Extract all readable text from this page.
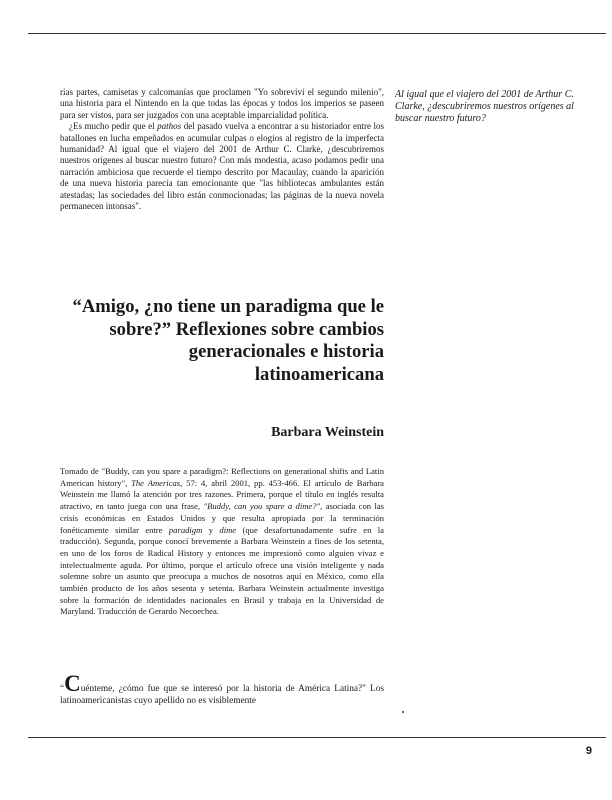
rias partes, camisetas y calcomanías que proclamen "Yo sobreviví el segundo milenio", una historia para el Nintendo en la que todas las épocas y todos los imperios se paseen para ser vistos, para ser juzgados con una aceptable imparcialidad política.

¿Es mucho pedir que el pathos del pasado vuelva a encontrar a su historiador entre los batallones en lucha empeñados en acumular culpas o elogios al registro de la imperfecta humanidad? Al igual que el viajero del 2001 de Arthur C. Clarke, ¿descubriremos nuestros orígenes al buscar nuestro futuro? Con más modestia, acaso podamos pedir una narración ambiciosa que recuerde el tiempo descrito por Macaulay, cuando la aparición de una nueva historia parecía tan emocionante que "las bibliotecas ambulantes están atestadas; las sociedades del libro están conmocionadas; las páginas de la nueva novela permanecen intonsas".

Al igual que el viajero del 2001 de Arthur C. Clarke, ¿descubriremos nuestros orígenes al buscar nuestro futuro?
“Amigo, ¿no tiene un paradigma que le sobre?” Reflexiones sobre cambios generacionales e historia latinoamericana
Barbara Weinstein

Tomado de "Buddy, can you spare a paradigm?: Reflections on generational shifts and Latin American history", The Americas, 57: 4, abril 2001, pp. 453-466. El artículo de Barbara Weinstein me llamó la atención por tres razones. Primera, porque el título en inglés resulta atractivo, en tanto juega con una frase, "Buddy, can you spare a dime?", asociada con las crisis económicas en Estados Unidos y que resulta apropiada por la terminación fonéticamente similar entre paradigm y dime (que desafortunadamente sufre en la traducción). Segunda, porque conocí brevemente a Barbara Weinstein a fines de los setenta, en uno de los foros de Radical History y entonces me impresionó como alguien vivaz e intelectualmente aguda. Por último, porque el artículo ofrece una visión inteligente y nada solemne sobre un asunto que preocupa a muchos de nosotros aquí en México, como ella también producto de los años sesenta y setenta. Barbara Weinstein actualmente investiga sobre la formación de identidades nacionales en Brasil y trabaja en la Universidad de Maryland. Traducción de Gerardo Necoechea.

“Cuénteme, ¿cómo fue que se interesó por la historia de América Latina?" Los latinoamericanistas cuyo apellido no es visiblemente

9
